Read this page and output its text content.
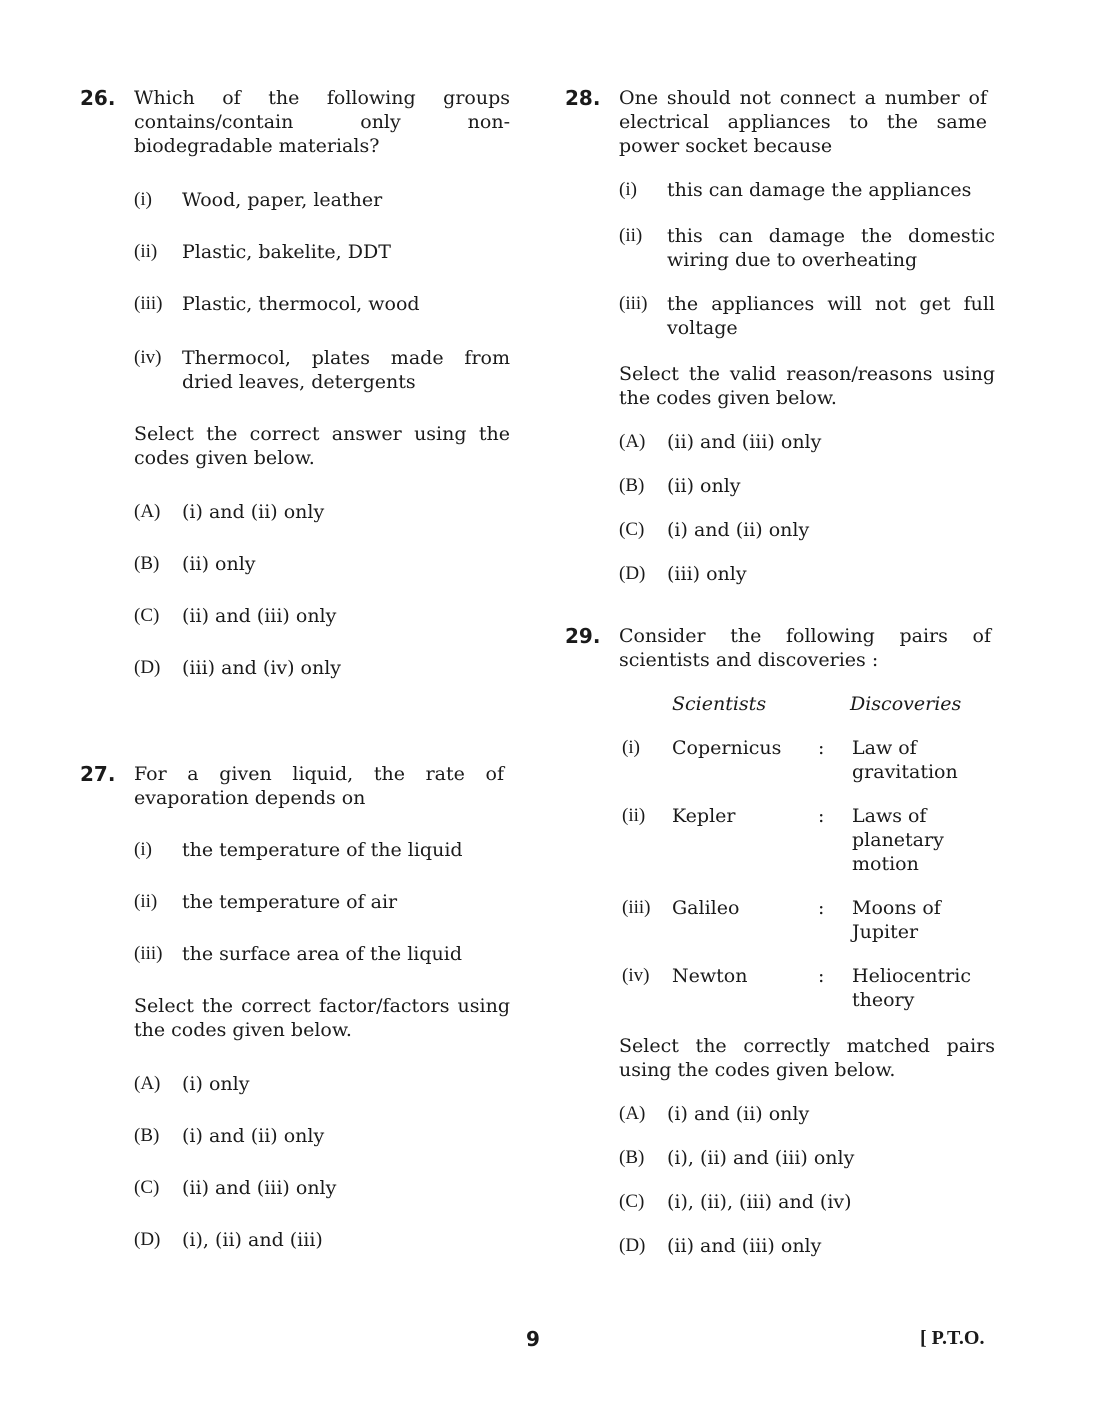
26. Which of the following groups contains/contain only non-biodegradable materials?
(i)	Wood, paper, leather
(ii)	Plastic, bakelite, DDT
(iii)	Plastic, thermocol, wood
(iv)	Thermocol, plates made from dried leaves, detergents
Select the correct answer using the codes given below.
(A)	(i) and (ii) only
(B)	(ii) only
(C)	(ii) and (iii) only
(D)	(iii) and (iv) only
27. For a given liquid, the rate of evaporation depends on
(i)	the temperature of the liquid
(ii)	the temperature of air
(iii)	the surface area of the liquid
Select the correct factor/factors using the codes given below.
(A)	(i) only
(B)	(i) and (ii) only
(C)	(ii) and (iii) only
(D)	(i), (ii) and (iii)
28. One should not connect a number of electrical appliances to the same power socket because
(i)	this can damage the appliances
(ii)	this can damage the domestic wiring due to overheating
(iii)	the appliances will not get full voltage
Select the valid reason/reasons using the codes given below.
(A)	(ii) and (iii) only
(B)	(ii) only
(C)	(i) and (ii) only
(D)	(iii) only
29. Consider the following pairs of scientists and discoveries :
Scientists	Discoveries
(i)	Copernicus	:	Law of gravitation
(ii)	Kepler	:	Laws of planetary motion
(iii)	Galileo	:	Moons of Jupiter
(iv)	Newton	:	Heliocentric theory
Select the correctly matched pairs using the codes given below.
(A)	(i) and (ii) only
(B)	(i), (ii) and (iii) only
(C)	(i), (ii), (iii) and (iv)
(D)	(ii) and (iii) only
9	[ P.T.O.
